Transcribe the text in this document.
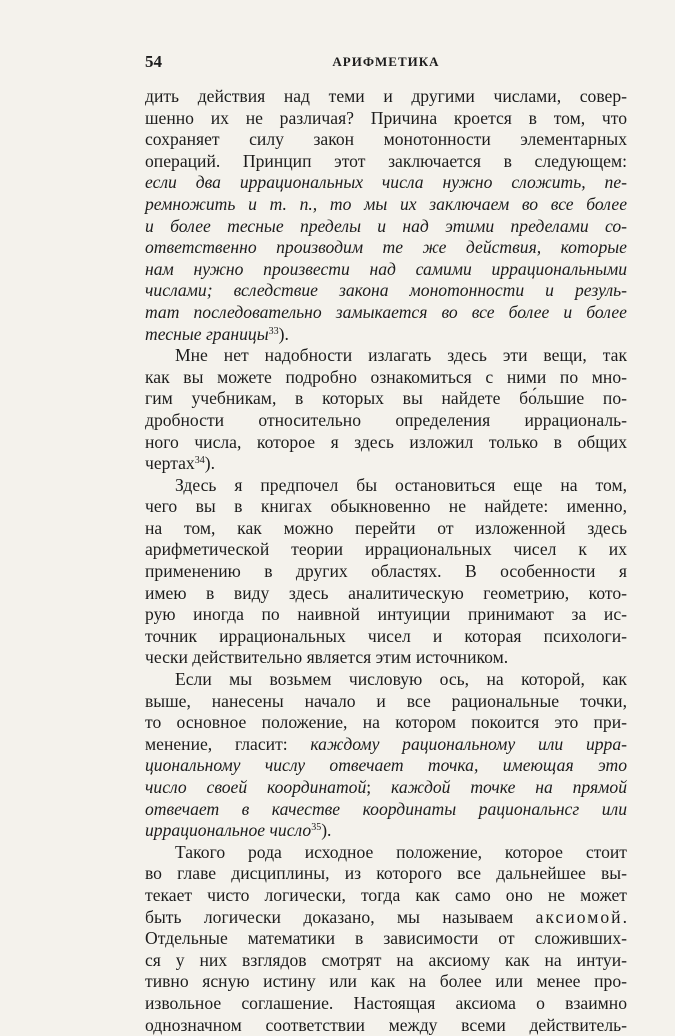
54	АРИФМЕТИКА
дить действия над теми и другими числами, совер-
шенно их не различая? Причина кроется в том, что
сохраняет силу закон монотонности элементарных
операций. Принцип этот заключается в следующем:
если два иррациональных числа нужно сложить, пе-
ремножить и т. п., то мы их заключаем во все более
и более тесные пределы и над этими пределами со-
ответственно производим те же действия, которые
нам нужно произвести над самими иррациональными
числами; вследствие закона монотонности и резуль-
тат последовательно замыкается во все более и более
тесные границы$^{33}$).
Мне нет надобности излагать здесь эти вещи, так
как вы можете подробно ознакомиться с ними по мно-
гим учебникам, в которых вы найдете бо́льшие по-
дробности относительно определения иррациональ-
ного числа, которое я здесь изложил только в общих
чертах$^{34}$).
Здесь я предпочел бы остановиться еще на том,
чего вы в книгах обыкновенно не найдете: именно,
на том, как можно перейти от изложенной здесь
арифметической теории иррациональных чисел к их
применению в других областях. В особенности я
имею в виду здесь аналитическую геометрию, кото-
рую иногда по наивной интуиции принимают за ис-
точник иррациональных чисел и которая психологи-
чески действительно является этим источником.
Если мы возьмем числовую ось, на которой, как
выше, нанесены начало и все рациональные точки,
то основное положение, на котором покоится это при-
менение, гласит: каждому рациональному или ирра-
циональному числу отвечает точка, имеющая это
число своей координатой; каждой точке на прямой
отвечает в качестве координаты рациональнсг или
иррациональное число$^{35}$).
Такого рода исходное положение, которое стоит
во главе дисциплины, из которого все дальнейшее вы-
текает чисто логически, тогда как само оно не может
быть логически доказано, мы называем аксиомой.
Отдельные математики в зависимости от сложивших-
ся у них взглядов смотрят на аксиому как на интуи-
тивно ясную истину или как на более или менее про-
извольное соглашение. Настоящая аксиома о взаимно
однозначном соответствии между всеми действитель-
